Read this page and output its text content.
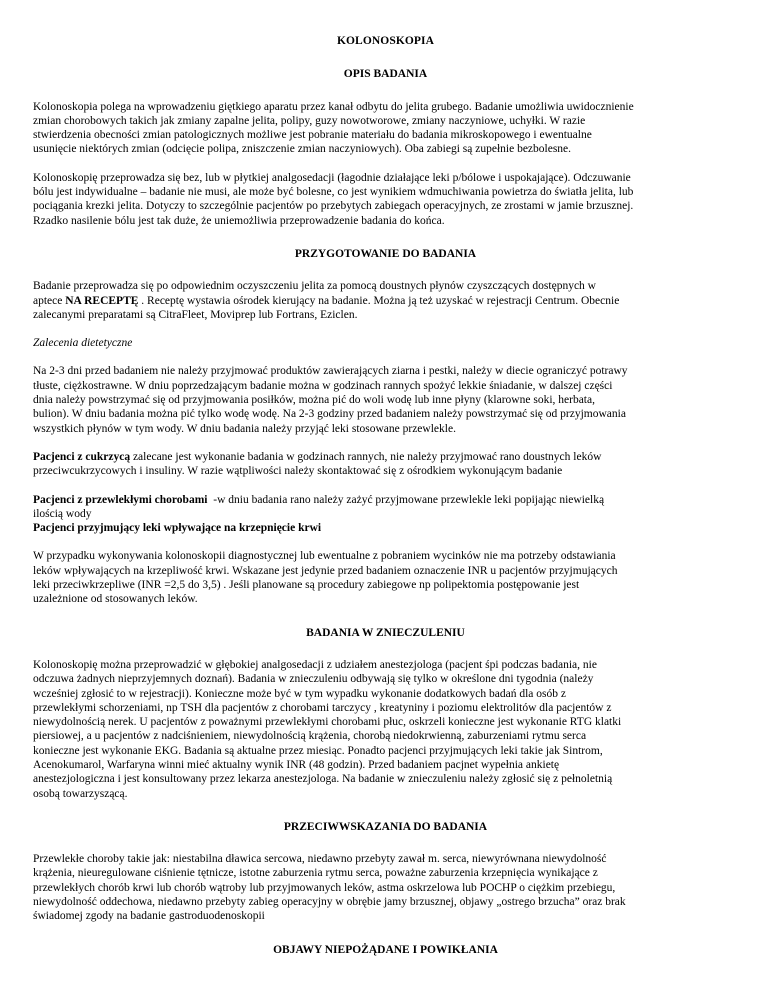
KOLONOSKOPIA
OPIS BADANIA
Kolonoskopia polega na wprowadzeniu giętkiego aparatu przez kanał odbytu do jelita grubego. Badanie umożliwia uwidocznienie
zmian chorobowych takich jak zmiany zapalne jelita, polipy, guzy nowotworowe, zmiany naczyniowe, uchyłki. W razie
stwierdzenia obecności zmian patologicznych możliwe jest pobranie materiału do badania mikroskopowego i ewentualne
usunięcie niektórych zmian (odcięcie polipa, zniszczenie zmian naczyniowych). Oba zabiegi są zupełnie bezbolesne.
Kolonoskopię przeprowadza się bez, lub w płytkiej analgosedacji (łagodnie działające leki p/bólowe i uspokajające). Odczuwanie
bólu jest indywidualne – badanie nie musi, ale może być bolesne, co jest wynikiem wdmuchiwania powietrza do światła jelita, lub
pociągania krezki jelita. Dotyczy to szczególnie pacjentów po przebytych zabiegach operacyjnych, ze zrostami w jamie brzusznej.
Rzadko nasilenie bólu jest tak duże, że uniemożliwia przeprowadzenie badania do końca.
PRZYGOTOWANIE DO BADANIA
Badanie przeprowadza się po odpowiednim oczyszczeniu jelita za pomocą doustnych płynów czyszczących dostępnych w
aptece NA RECEPTĘ . Receptę wystawia ośrodek kierujący na badanie. Można ją też uzyskać w rejestracji Centrum. Obecnie
zalecanymi preparatami są CitraFleet, Moviprep lub Fortrans, Eziclen.
Zalecenia dietetyczne
Na 2-3 dni przed badaniem nie należy przyjmować produktów zawierających ziarna i pestki, należy w diecie ograniczyć potrawy
tłuste, ciężkostrawne. W dniu poprzedzającym badanie można w godzinach rannych spożyć lekkie śniadanie, w dalszej części
dnia należy powstrzymać się od przyjmowania posiłków, można pić do woli wodę lub inne płyny (klarowne soki, herbata,
bulion). W dniu badania można pić tylko wodę wodę. Na 2-3 godziny przed badaniem należy powstrzymać się od przyjmowania
wszystkich płynów w tym wody. W dniu badania należy przyjąć leki stosowane przewlekle.
Pacjenci z cukrzycą zalecane jest wykonanie badania w godzinach rannych, nie należy przyjmować rano doustnych leków
przeciwcukrzycowych i insuliny. W razie wątpliwości należy skontaktować się z ośrodkiem wykonującym badanie
Pacjenci z przewlekłymi chorobami  -w dniu badania rano należy zażyć przyjmowane przewlekle leki popijając niewielką
ilością wody
Pacjenci przyjmujący leki wpływające na krzepnięcie krwi
W przypadku wykonywania kolonoskopii diagnostycznej lub ewentualne z pobraniem wycinków nie ma potrzeby odstawiania
leków wpływających na krzepliwość krwi. Wskazane jest jedynie przed badaniem oznaczenie INR u pacjentów przyjmujących
leki przeciwkrzepliwe (INR =2,5 do 3,5) . Jeśli planowane są procedury zabiegowe np polipektomia postępowanie jest
uzależnione od stosowanych leków.
BADANIA W ZNIECZULENIU
Kolonoskopię można przeprowadzić w głębokiej analgosedacji z udziałem anestezjologa (pacjent śpi podczas badania, nie
odczuwa żadnych nieprzyjemnych doznań). Badania w znieczuleniu odbywają się tylko w określone dni tygodnia (należy
wcześniej zgłosić to w rejestracji). Konieczne może być w tym wypadku wykonanie dodatkowych badań dla osób z
przewlekłymi schorzeniami, np TSH dla pacjentów z chorobami tarczycy , kreatyniny i poziomu elektrolitów dla pacjentów z
niewydolnością nerek. U pacjentów z poważnymi przewlekłymi chorobami płuc, oskrzeli konieczne jest wykonanie RTG klatki
piersiowej, a u pacjentów z nadciśnieniem, niewydolnością krążenia, chorobą niedokrwienną, zaburzeniami rytmu serca
konieczne jest wykonanie EKG. Badania są aktualne przez miesiąc. Ponadto pacjenci przyjmujących leki takie jak Sintrom,
Acenokumarol, Warfaryna winni mieć aktualny wynik INR (48 godzin). Przed badaniem pacjnet wypełnia ankietę
anestezjologiczna i jest konsultowany przez lekarza anestezjologa. Na badanie w znieczuleniu należy zgłosić się z pełnoletnią
osobą towarzyszącą.
PRZECIWWSKAZANIA DO BADANIA
Przewlekłe choroby takie jak: niestabilna dławica sercowa, niedawno przebyty zawał m. serca, niewyrównana niewydolność
krążenia, nieuregulowane ciśnienie tętnicze, istotne zaburzenia rytmu serca, poważne zaburzenia krzepnięcia wynikające z
przewlekłych chorób krwi lub chorób wątroby lub przyjmowanych leków, astma oskrzelowa lub POCHP o ciężkim przebiegu,
niewydolność oddechowa, niedawno przebyty zabieg operacyjny w obrębie jamy brzusznej, objawy „ostrego brzucha” oraz brak
świadomej zgody na badanie gastroduodenoskopii
OBJAWY NIEPOŻĄDANE I POWIKŁANIA
